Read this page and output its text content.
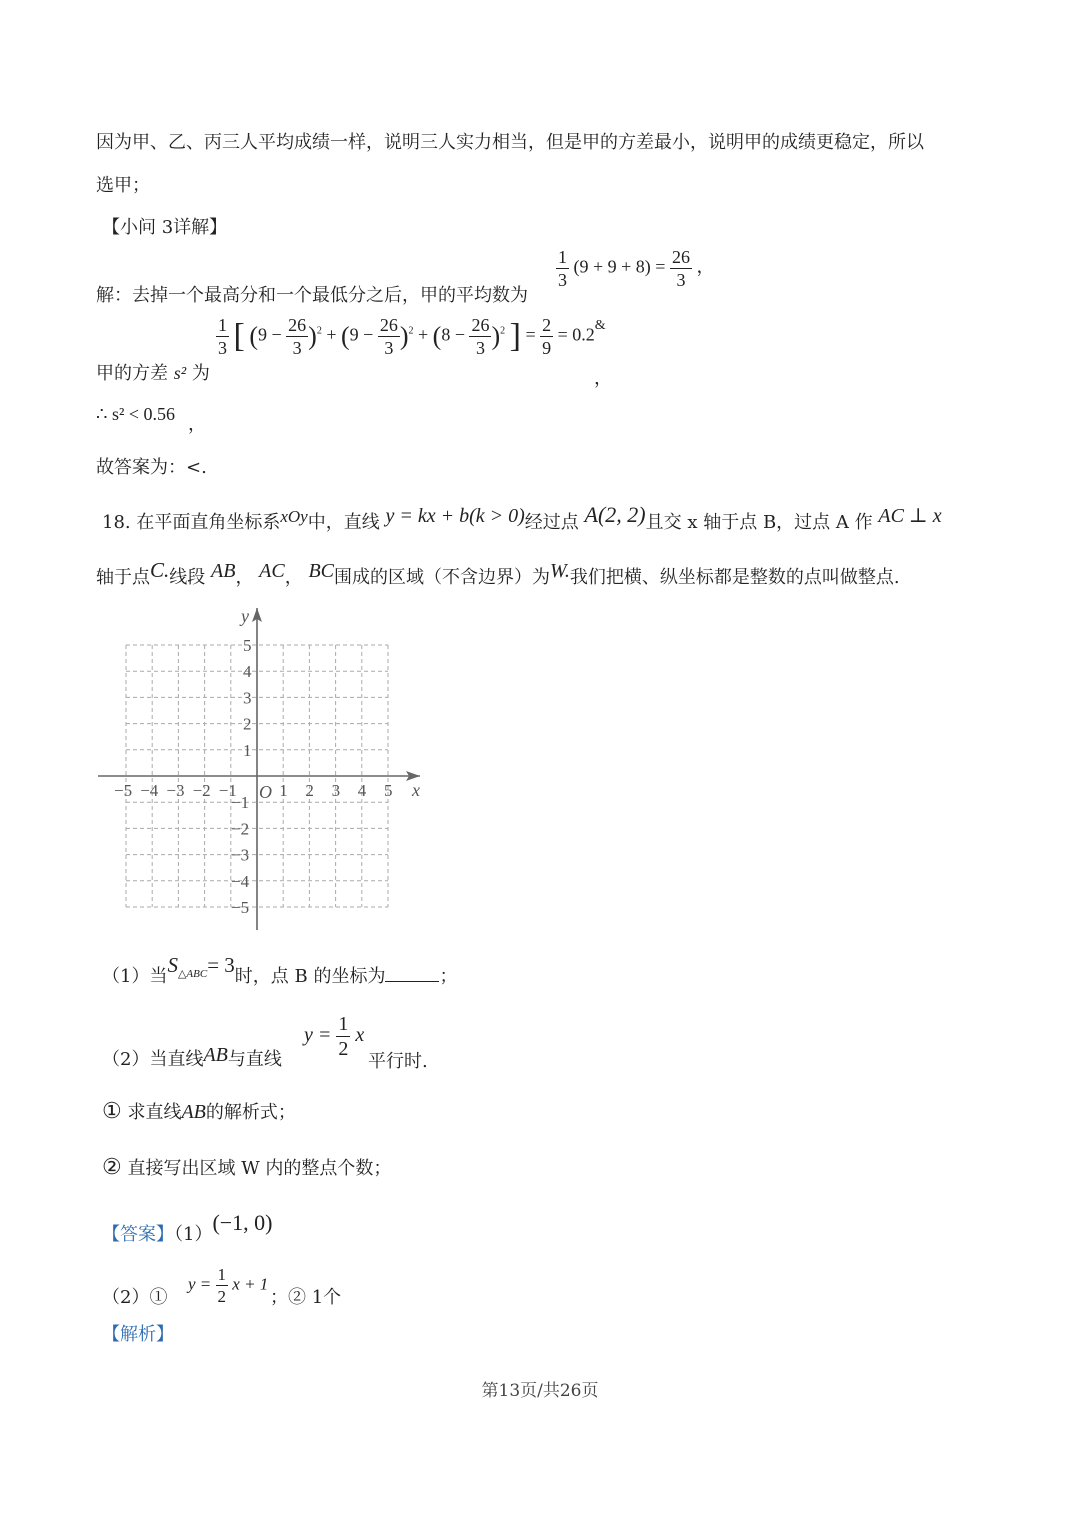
因为甲、乙、丙三人平均成绩一样，说明三人实力相当，但是甲的方差最小，说明甲的成绩更稳定，所以
选甲；
【小问 3详解】
解：去掉一个最高分和一个最低分之后，甲的平均数为
$\frac{1}{3} (9 + 9 + 8) = \frac{26}{3}$ ，
甲的方差 s² 为
$\frac{1}{3}$ [ $(9 - \frac{26}{3} )^2 + (9 - \frac{26}{3} )^2 + (8 - \frac{26}{3} )^2$ ] = $\frac{2}{9} = 0.2^{\&}$
，
∴ s² < 0.56 ，
故答案为：<.
18. 在平面直角坐标系xOy中，直线 y = kx + b(k > 0)经过点 A(2, 2)且交 x 轴于点 B，过点 A 作 AC ⊥ x
轴于点C.线段 AB， AC， BC围成的区域（不含边界）为W.我们把横、纵坐标都是整数的点叫做整点.
x
y
O
−5 −4 −3 −2 −1 1 2 3 4 5
1
2
3
4
5
−1
−2
−3
−4
−5
（1）当$S_{\triangle ABC}= 3$时，点 B 的坐标为	；
（2）当直线AB与直线
$y = \frac{1}{2}$ x
平行时.
① 求直线AB的解析式；
② 直接写出区域 W 内的整点个数；
【答案】（1）(−1, 0)
（2）①
$y = \frac{1}{2}$ x + 1
；② 1个
【解析】
第13页/共26页
